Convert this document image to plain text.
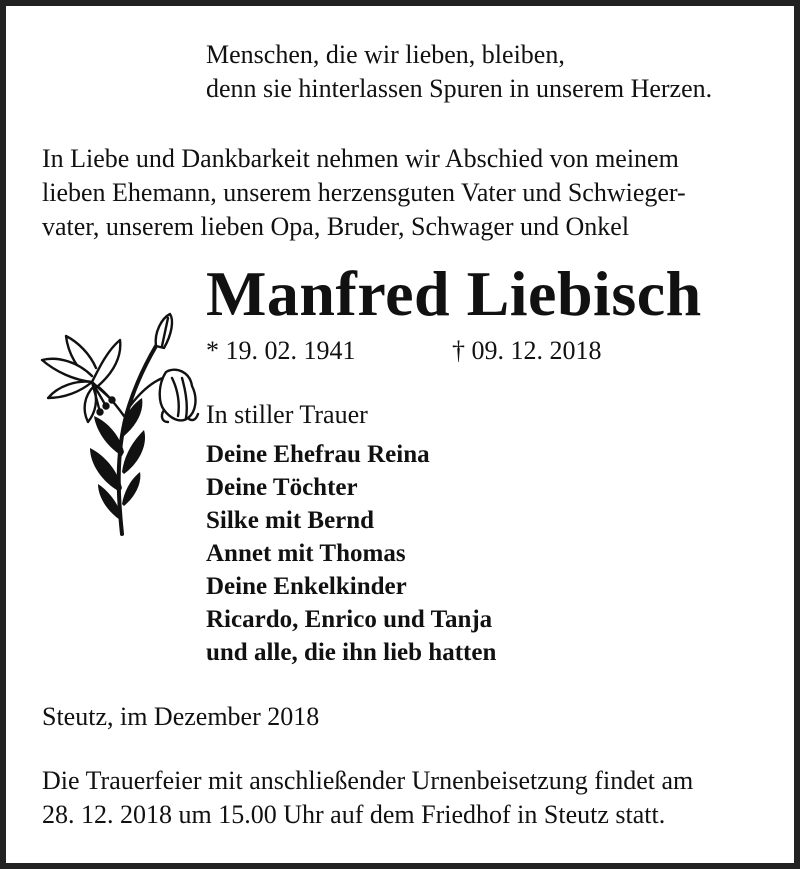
Menschen, die wir lieben, bleiben,
denn sie hinterlassen Spuren in unserem Herzen.
In Liebe und Dankbarkeit nehmen wir Abschied von meinem
lieben Ehemann, unserem herzensguten Vater und Schwieger-
vater, unserem lieben Opa, Bruder, Schwager und Onkel
Manfred Liebisch
* 19. 02. 1941	† 09. 12. 2018
In stiller Trauer
Deine Ehefrau Reina
Deine Töchter
Silke mit Bernd
Annet mit Thomas
Deine Enkelkinder
Ricardo, Enrico und Tanja
und alle, die ihn lieb hatten
Steutz, im Dezember 2018
Die Trauerfeier mit anschließender Urnenbeisetzung findet am
28. 12. 2018 um 15.00 Uhr auf dem Friedhof in Steutz statt.
